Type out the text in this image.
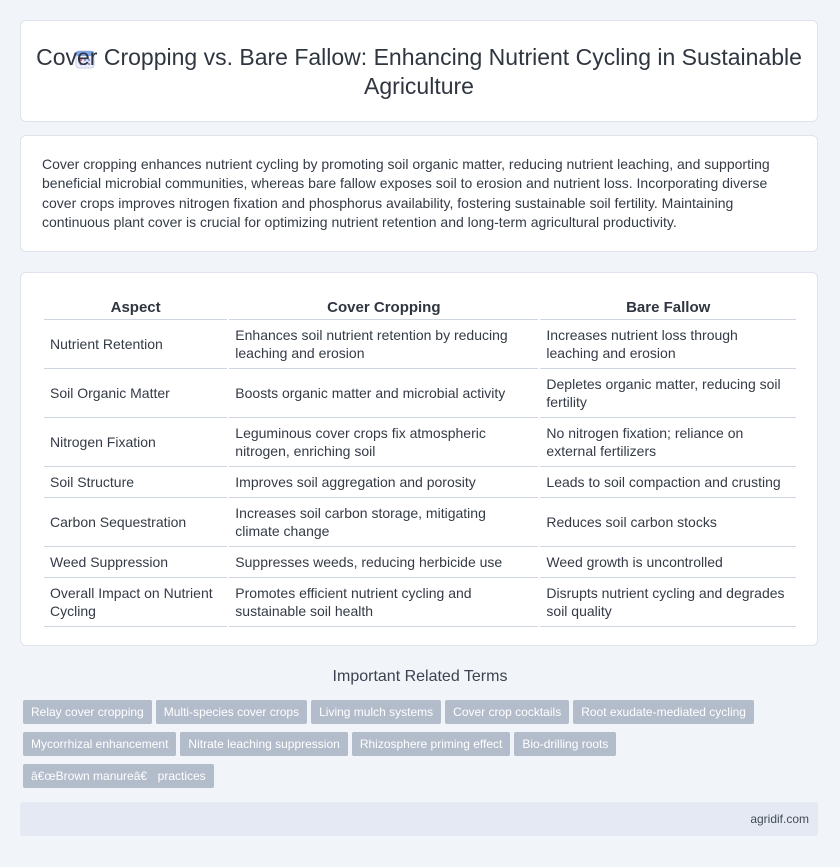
Cover Cropping vs. Bare Fallow: Enhancing Nutrient Cycling in Sustainable Agriculture

Cover cropping enhances nutrient cycling by promoting soil organic matter, reducing nutrient leaching, and supporting beneficial microbial communities, whereas bare fallow exposes soil to erosion and nutrient loss. Incorporating diverse cover crops improves nitrogen fixation and phosphorus availability, fostering sustainable soil fertility. Maintaining continuous plant cover is crucial for optimizing nutrient retention and long-term agricultural productivity.

Aspect	Cover Cropping	Bare Fallow
Nutrient Retention	Enhances soil nutrient retention by reducing leaching and erosion	Increases nutrient loss through leaching and erosion
Soil Organic Matter	Boosts organic matter and microbial activity	Depletes organic matter, reducing soil fertility
Nitrogen Fixation	Leguminous cover crops fix atmospheric nitrogen, enriching soil	No nitrogen fixation; reliance on external fertilizers
Soil Structure	Improves soil aggregation and porosity	Leads to soil compaction and crusting
Carbon Sequestration	Increases soil carbon storage, mitigating climate change	Reduces soil carbon stocks
Weed Suppression	Suppresses weeds, reducing herbicide use	Weed growth is uncontrolled
Overall Impact on Nutrient Cycling	Promotes efficient nutrient cycling and sustainable soil health	Disrupts nutrient cycling and degrades soil quality
Important Related Terms
Relay cover cropping Multi-species cover crops Living mulch systems Cover crop cocktails Root exudate-mediated cycling
Mycorrhizal enhancement Nitrate leaching suppression Rhizosphere priming effect Bio-drilling roots
â€œBrown manureâ€ practices
agridif.com
